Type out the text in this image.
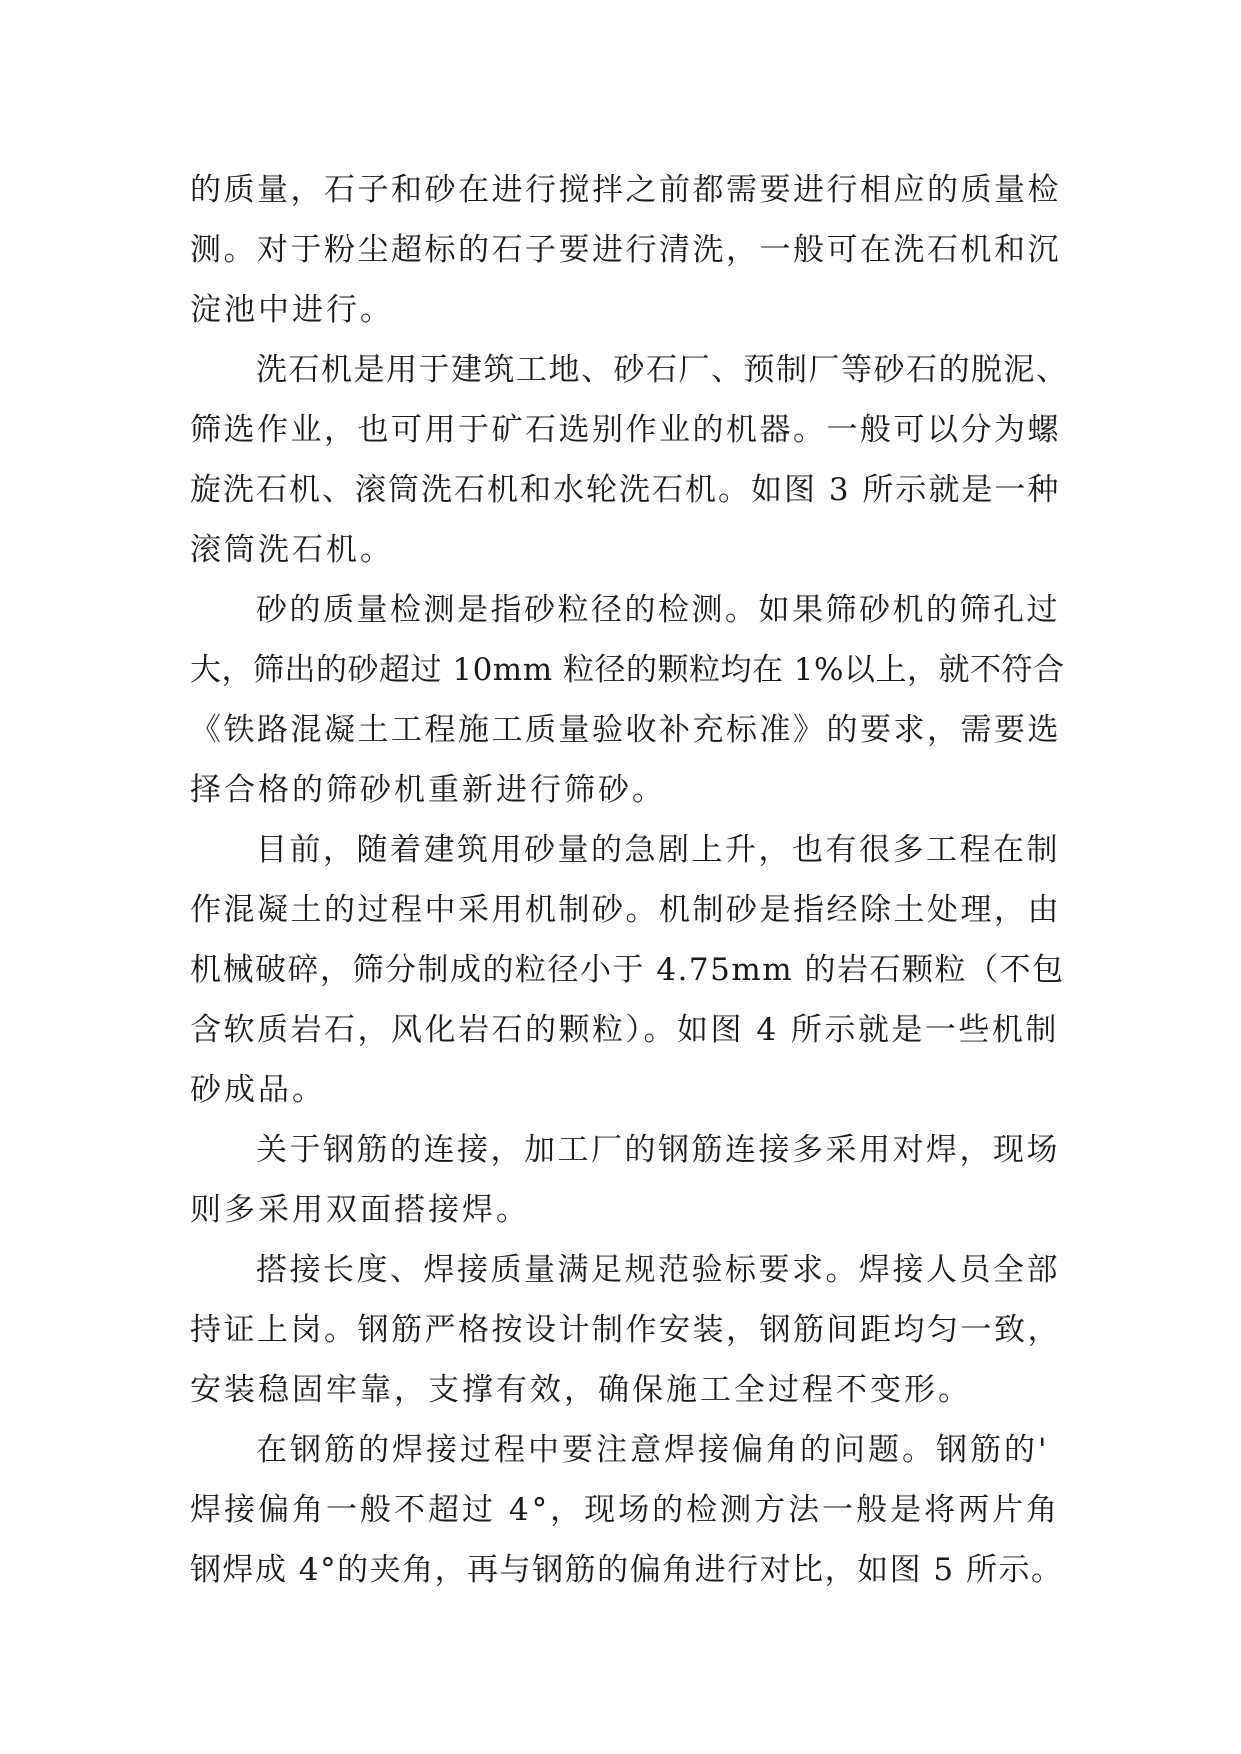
的质量，石子和砂在进行搅拌之前都需要进行相应的质量检
测。对于粉尘超标的石子要进行清洗，一般可在洗石机和沉
淀池中进行。
洗石机是用于建筑工地、砂石厂、预制厂等砂石的脱泥、
筛选作业，也可用于矿石选别作业的机器。一般可以分为螺
旋洗石机、滚筒洗石机和水轮洗石机。如图 3 所示就是一种
滚筒洗石机。
砂的质量检测是指砂粒径的检测。如果筛砂机的筛孔过
大，筛出的砂超过 10mm 粒径的颗粒均在 1%以上，就不符合
《铁路混凝土工程施工质量验收补充标准》的要求，需要选
择合格的筛砂机重新进行筛砂。
目前，随着建筑用砂量的急剧上升，也有很多工程在制
作混凝土的过程中采用机制砂。机制砂是指经除土处理，由
机械破碎，筛分制成的粒径小于 4.75mm 的岩石颗粒（不包
含软质岩石，风化岩石的颗粒）。如图 4 所示就是一些机制
砂成品。
关于钢筋的连接，加工厂的钢筋连接多采用对焊，现场
则多采用双面搭接焊。
搭接长度、焊接质量满足规范验标要求。焊接人员全部
持证上岗。钢筋严格按设计制作安装，钢筋间距均匀一致，
安装稳固牢靠，支撑有效，确保施工全过程不变形。
在钢筋的焊接过程中要注意焊接偏角的问题。钢筋的'
焊接偏角一般不超过 4°，现场的检测方法一般是将两片角
钢焊成 4°的夹角，再与钢筋的偏角进行对比，如图 5 所示。
